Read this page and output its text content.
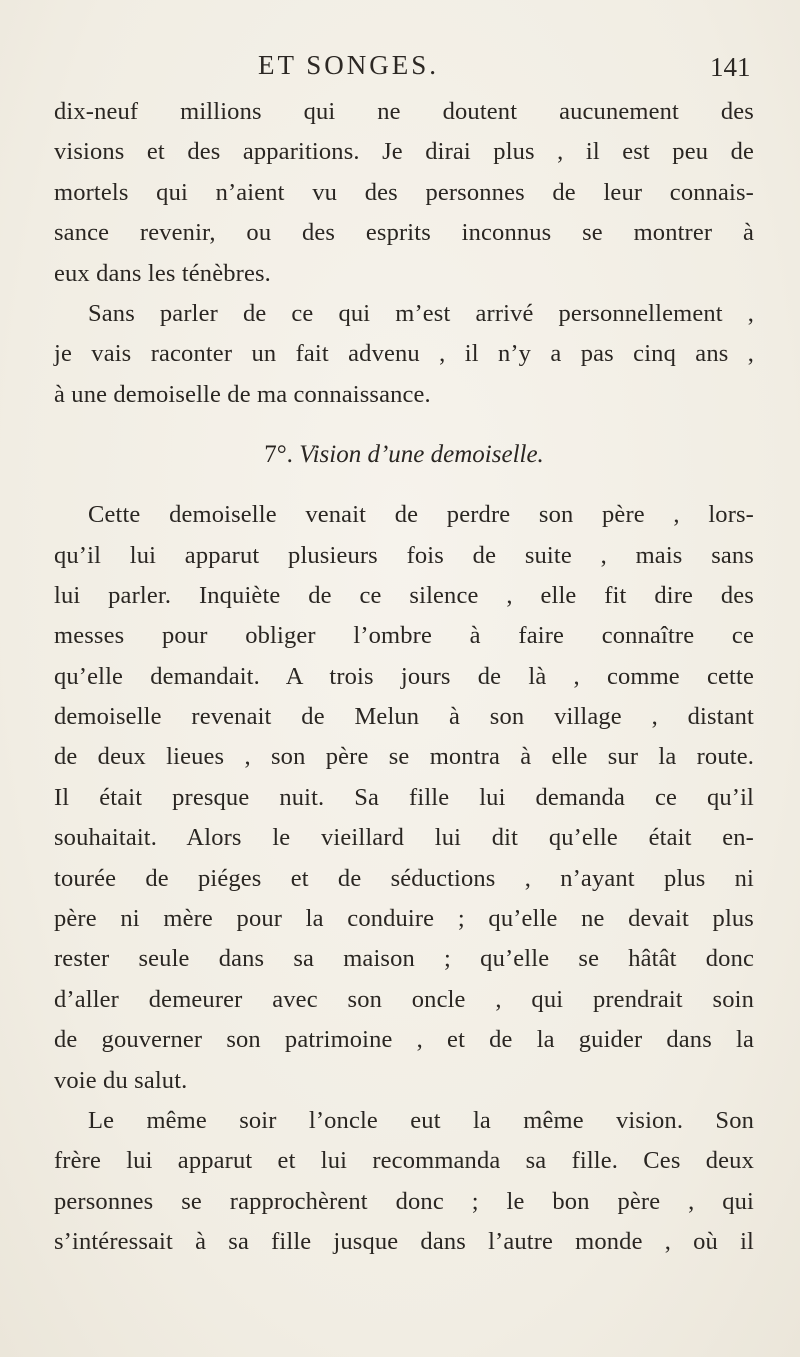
ET SONGES.	141
dix-neuf millions qui ne doutent aucunement des
visions et des apparitions. Je dirai plus , il est peu de
mortels qui n’aient vu des personnes de leur connais-
sance revenir, ou des esprits inconnus se montrer à
eux dans les ténèbres.
Sans parler de ce qui m’est arrivé personnellement ,
je vais raconter un fait advenu , il n’y a pas cinq ans ,
à une demoiselle de ma connaissance.
7°. Vision d’une demoiselle.
Cette demoiselle venait de perdre son père , lors-
qu’il lui apparut plusieurs fois de suite , mais sans
lui parler. Inquiète de ce silence , elle fit dire des
messes pour obliger l’ombre à faire connaître ce
qu’elle demandait. A trois jours de là , comme cette
demoiselle revenait de Melun à son village , distant
de deux lieues , son père se montra à elle sur la route.
Il était presque nuit. Sa fille lui demanda ce qu’il
souhaitait. Alors le vieillard lui dit qu’elle était en-
tourée de piéges et de séductions , n’ayant plus ni
père ni mère pour la conduire ; qu’elle ne devait plus
rester seule dans sa maison ; qu’elle se hâtât donc
d’aller demeurer avec son oncle , qui prendrait soin
de gouverner son patrimoine , et de la guider dans la
voie du salut.
Le même soir l’oncle eut la même vision. Son
frère lui apparut et lui recommanda sa fille. Ces deux
personnes se rapprochèrent donc ; le bon père , qui
s’intéressait à sa fille jusque dans l’autre monde , où il
